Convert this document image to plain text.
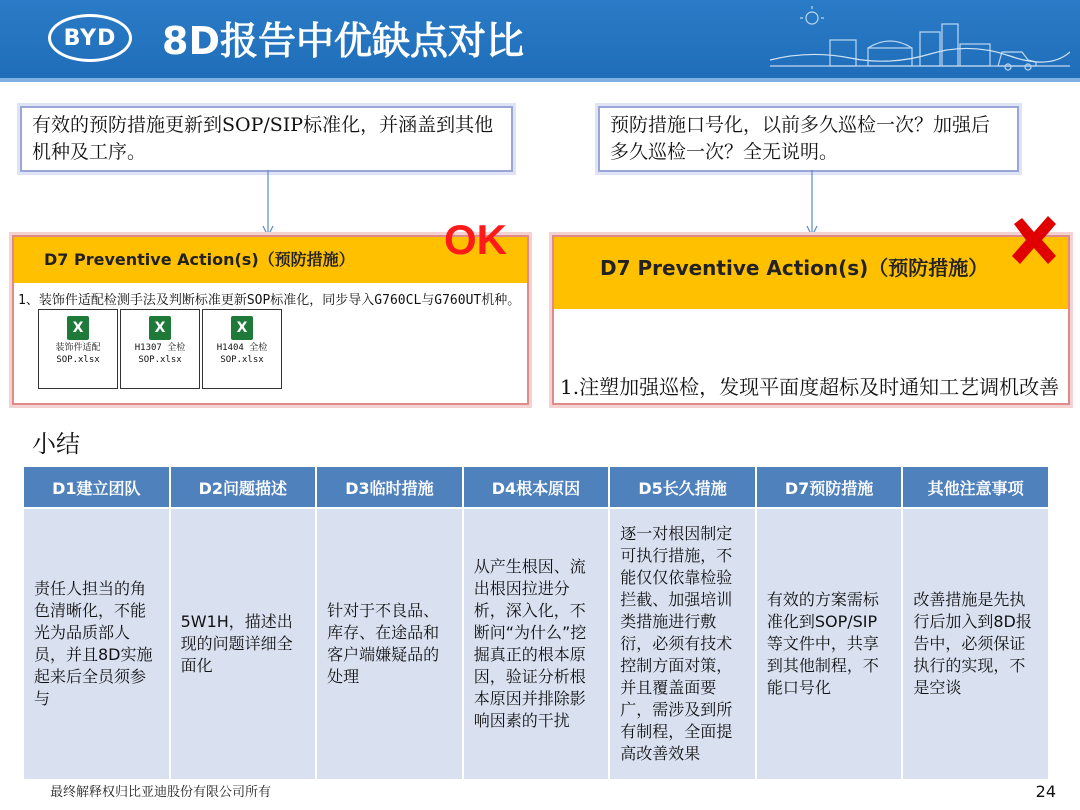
BYD 8D报告中优缺点对比
有效的预防措施更新到SOP/SIP标准化，并涵盖到其他机种及工序。
预防措施口号化，以前多久巡检一次？加强后多久巡检一次？全无说明。
D7 Preventive Action(s)（预防措施）
1、装饰件适配检测手法及判断标准更新SOP标准化，同步导入G760CL与G760UT机种。
X
装饰件适配SOP.xlsx
X
H1307 全检SOP.xlsx
X
H1404 全检SOP.xlsx
D7 Preventive Action(s)（预防措施）
1.注塑加强巡检，发现平面度超标及时通知工艺调机改善
OK
小结
D1建立团队	D2问题描述	D3临时措施	D4根本原因	D5长久措施	D7预防措施	其他注意事项
责任人担当的角色清晰化，不能光为品质部人员，并且8D实施起来后全员须参与	5W1H，描述出现的问题详细全面化	针对于不良品、库存、在途品和客户端嫌疑品的处理	从产生根因、流出根因拉进分析，深入化，不断问“为什么”挖掘真正的根本原因，验证分析根本原因并排除影响因素的干扰	逐一对根因制定可执行措施，不能仅仅依靠检验拦截、加强培训类措施进行敷衍，必须有技术控制方面对策，并且覆盖面要广，需涉及到所有制程，全面提高改善效果	有效的方案需标准化到SOP/SIP等文件中，共享到其他制程，不能口号化	改善措施是先执行后加入到8D报告中，必须保证执行的实现，不是空谈
最终解释权归比亚迪股份有限公司所有	24
